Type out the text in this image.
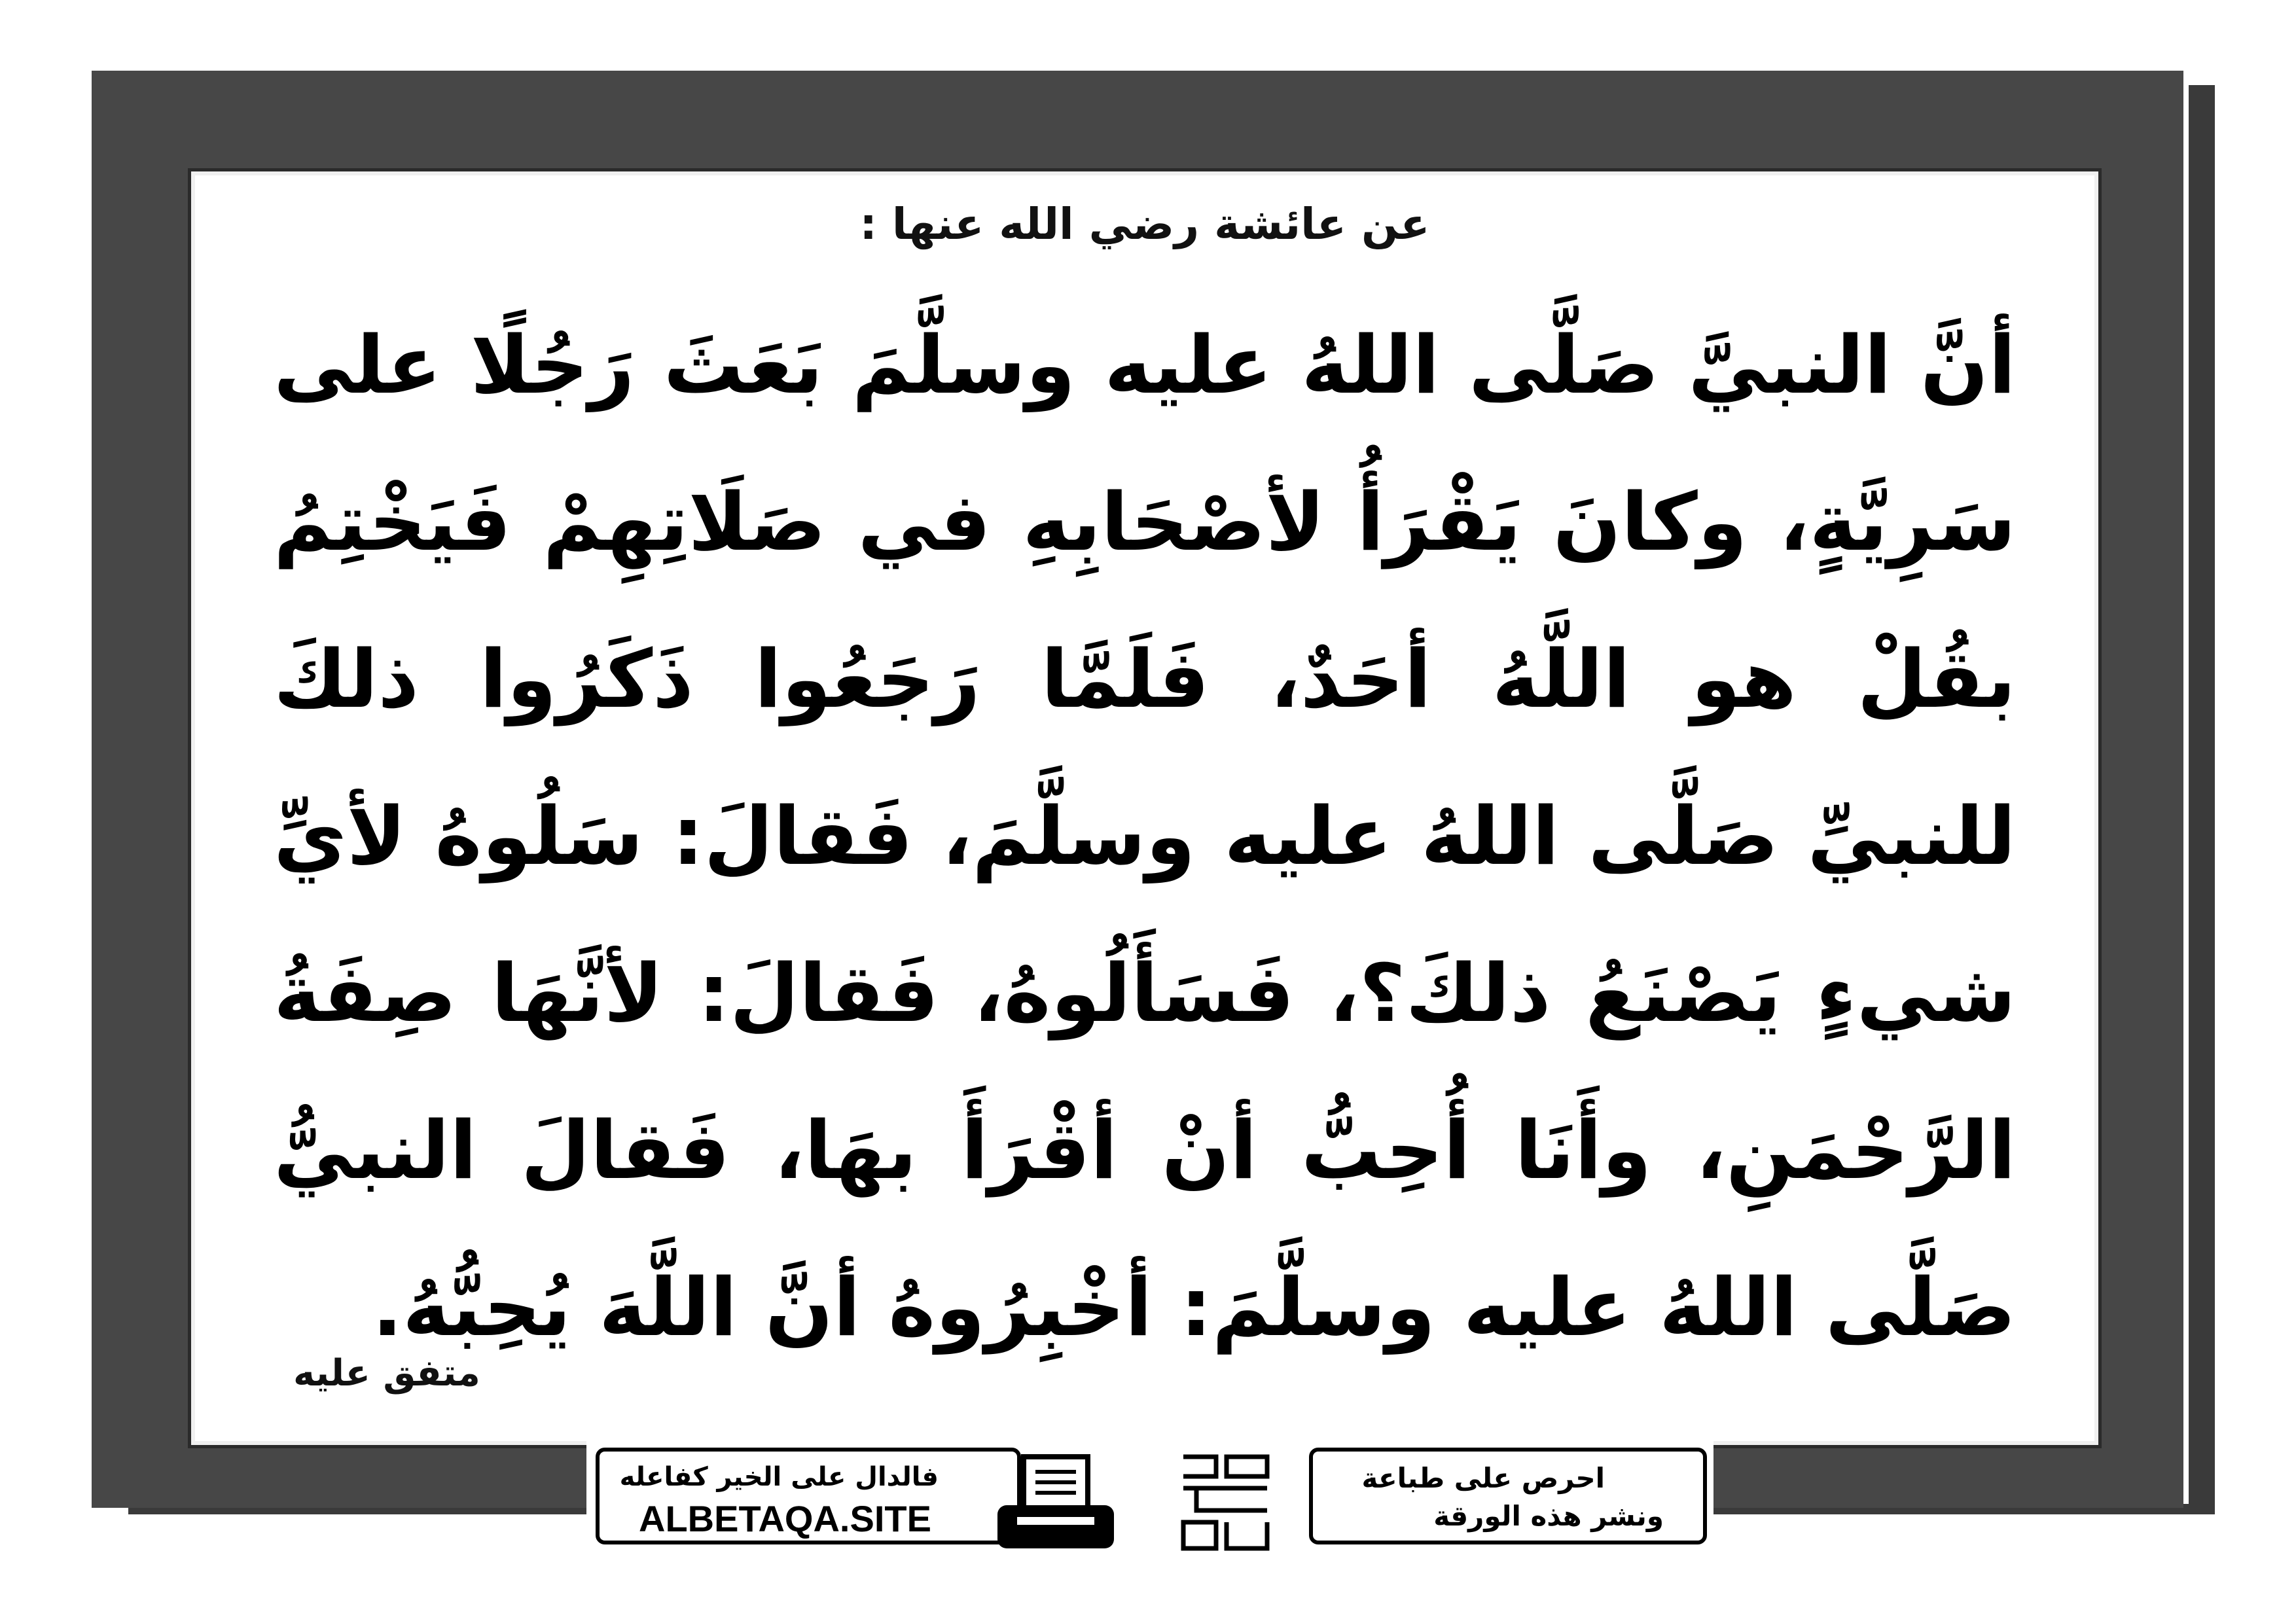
عن عائشة رضي الله عنها :

أنَّ النبيَّ صَلَّى اللهُ عليه وسلَّمَ بَعَثَ رَجُلًا على سَرِيَّةٍ، وكانَ يَقْرَأُ لأصْحَابِهِ في صَلَاتِهِمْ فَيَخْتِمُ بقُلْ هو اللَّهُ أحَدٌ، فَلَمَّا رَجَعُوا ذَكَرُوا ذلكَ للنبيِّ صَلَّى اللهُ عليه وسلَّمَ، فَقالَ: سَلُوهُ لأيِّ شيءٍ يَصْنَعُ ذلكَ؟، فَسَأَلُوهُ، فَقالَ: لأنَّهَا صِفَةُ الرَّحْمَنِ، وأَنَا أُحِبُّ أنْ أقْرَأَ بهَا، فَقالَ النبيُّ صَلَّى اللهُ عليه وسلَّمَ: أخْبِرُوهُ أنَّ اللَّهَ يُحِبُّهُ.

متفق عليه
فالدال على الخير كفاعله
ALBETAQA.SITE
احرص على طباعة
ونشر هذه الورقة
